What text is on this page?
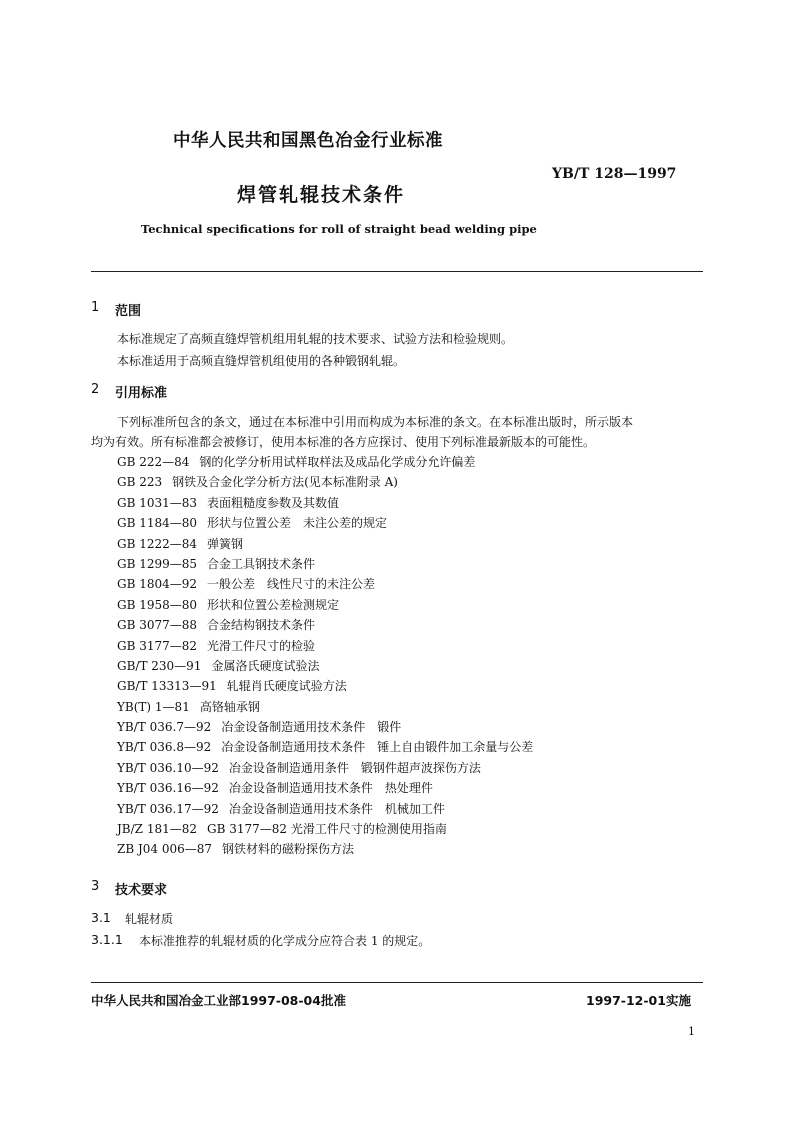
中华人民共和国黑色冶金行业标准
YB/T 128—1997
焊管轧辊技术条件
Technical specifications for roll of straight bead welding pipe
1 范围
本标准规定了高频直缝焊管机组用轧辊的技术要求、试验方法和检验规则。
本标准适用于高频直缝焊管机组使用的各种锻钢轧辊。
2 引用标准
下列标准所包含的条文，通过在本标准中引用而构成为本标准的条文。在本标准出版时，所示版本
均为有效。所有标准都会被修订，使用本标准的各方应探讨、使用下列标准最新版本的可能性。
GB 222—84 钢的化学分析用试样取样法及成品化学成分允许偏差
GB 223 钢铁及合金化学分析方法(见本标准附录 A)
GB 1031—83 表面粗糙度参数及其数值
GB 1184—80 形状与位置公差　未注公差的规定
GB 1222—84 弹簧钢
GB 1299—85 合金工具钢技术条件
GB 1804—92 一般公差　线性尺寸的未注公差
GB 1958—80 形状和位置公差检测规定
GB 3077—88 合金结构钢技术条件
GB 3177—82 光滑工件尺寸的检验
GB/T 230—91 金属洛氏硬度试验法
GB/T 13313—91 轧辊肖氏硬度试验方法
YB(T) 1—81 高铬轴承钢
YB/T 036.7—92 冶金设备制造通用技术条件　锻件
YB/T 036.8—92 冶金设备制造通用技术条件　锤上自由锻件加工余量与公差
YB/T 036.10—92 冶金设备制造通用条件　锻钢件超声波探伤方法
YB/T 036.16—92 冶金设备制造通用技术条件　热处理件
YB/T 036.17—92 冶金设备制造通用技术条件　机械加工件
JB/Z 181—82 GB 3177—82 光滑工件尺寸的检测使用指南
ZB J04 006—87 钢铁材料的磁粉探伤方法
3 技术要求
3.1 轧辊材质
3.1.1 本标准推荐的轧辊材质的化学成分应符合表 1 的规定。
中华人民共和国冶金工业部1997-08-04批准	1997-12-01实施
1
